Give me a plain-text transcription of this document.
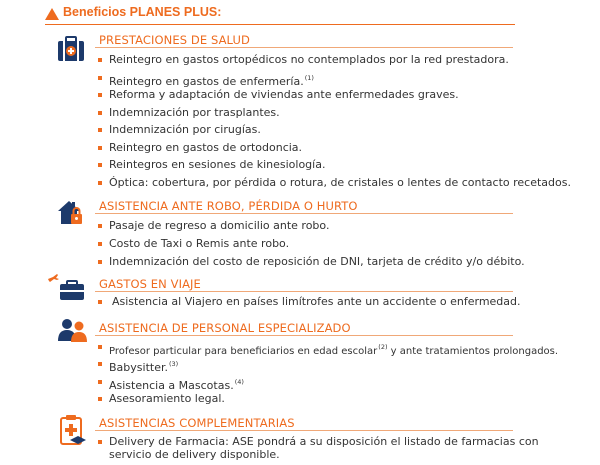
Beneficios PLANES PLUS:
PRESTACIONES DE SALUD
Reintegro en gastos ortopédicos no contemplados por la red prestadora.
Reintegro en gastos de enfermería.$^{(1)}$
Reforma y adaptación de viviendas ante enfermedades graves.
Indemnización por trasplantes.
Indemnización por cirugías.
Reintegro en gastos de ortodoncia.
Reintegros en sesiones de kinesiología.
Óptica: cobertura, por pérdida o rotura, de cristales o lentes de contacto recetados.
ASISTENCIA ANTE ROBO, PÉRDIDA O HURTO
Pasaje de regreso a domicilio ante robo.
Costo de Taxi o Remis ante robo.
Indemnización del costo de reposición de DNI, tarjeta de crédito y/o débito.
GASTOS EN VIAJE
Asistencia al Viajero en países limítrofes ante un accidente o enfermedad.
ASISTENCIA DE PERSONAL ESPECIALIZADO
Profesor particular para beneficiarios en edad escolar$^{(2)}$ y ante tratamientos prolongados.
Babysitter.$^{(3)}$
Asistencia a Mascotas.$^{(4)}$
Asesoramiento legal.
ASISTENCIAS COMPLEMENTARIAS
Delivery de Farmacia: ASE pondrá a su disposición el listado de farmacias con
servicio de delivery disponible.
